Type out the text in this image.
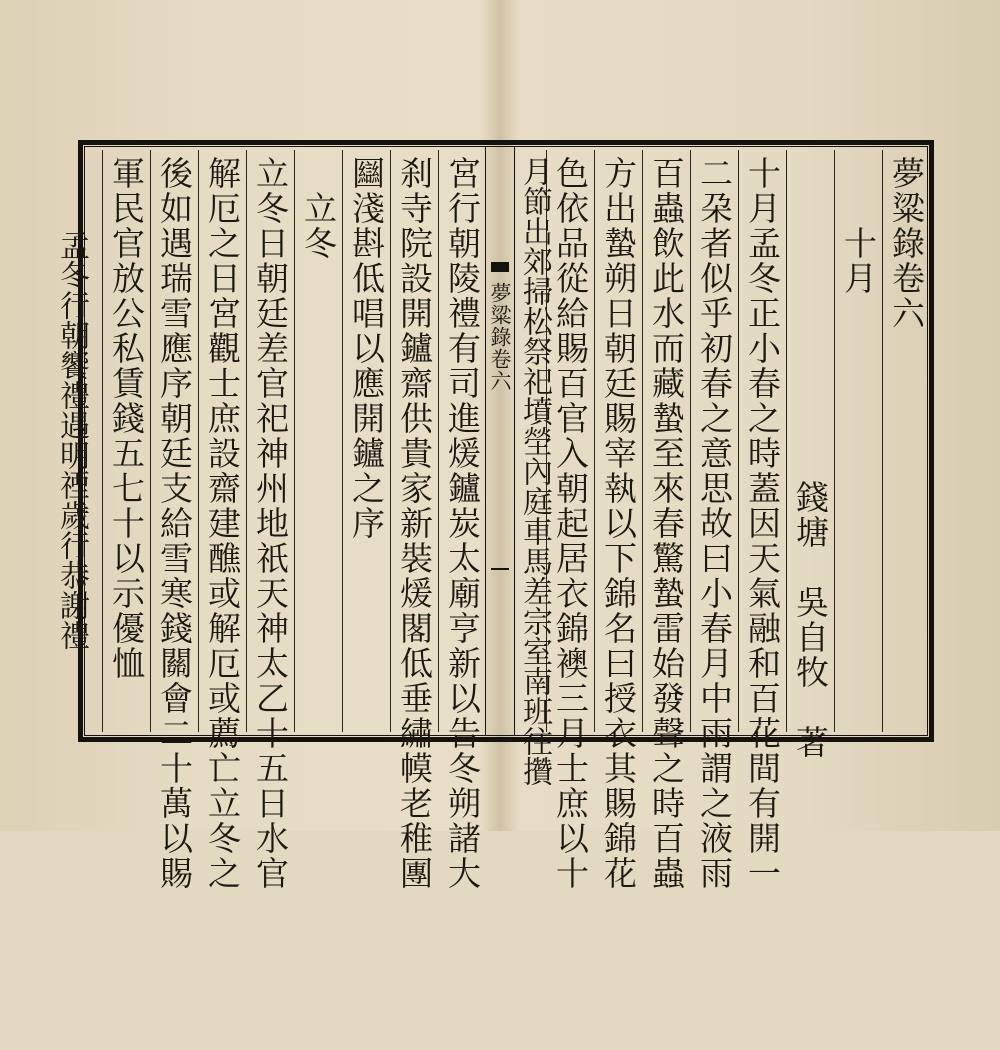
夢粱錄卷六
夢粱錄卷六
　　十月
錢塘　吳自牧　著
十月孟冬正小春之時蓋因天氣融和百花間有開一
二朶者似乎初春之意思故曰小春月中雨謂之液雨
百蟲飲此水而藏蟄至來春驚蟄雷始發聲之時百蟲
方出蟄朔日朝廷賜宰執以下錦名曰授衣其賜錦花
色依品從給賜百官入朝起居衣錦襖三月士庶以十
月節出郊掃松祭祀墳塋內庭車馬差宗室南班往攢
宮行朝陵禮有司進煖鑪炭太廟亨新以告冬朔諸大
刹寺院設開鑪齋供貴家新裝煖閣低垂繡幙老稚團
圝淺斟低唱以應開鑪之序
　立冬
立冬日朝廷差官祀神州地祇天神太乙十五日水官
解厄之日宮觀士庶設齋建醮或解厄或薦亡立冬之
後如遇瑞雪應序朝廷支給雪寒錢關會二十萬以賜
軍民官放公私賃錢五七十以示優恤
　孟冬行朝饗禮遇明禋歲行恭謝禮
